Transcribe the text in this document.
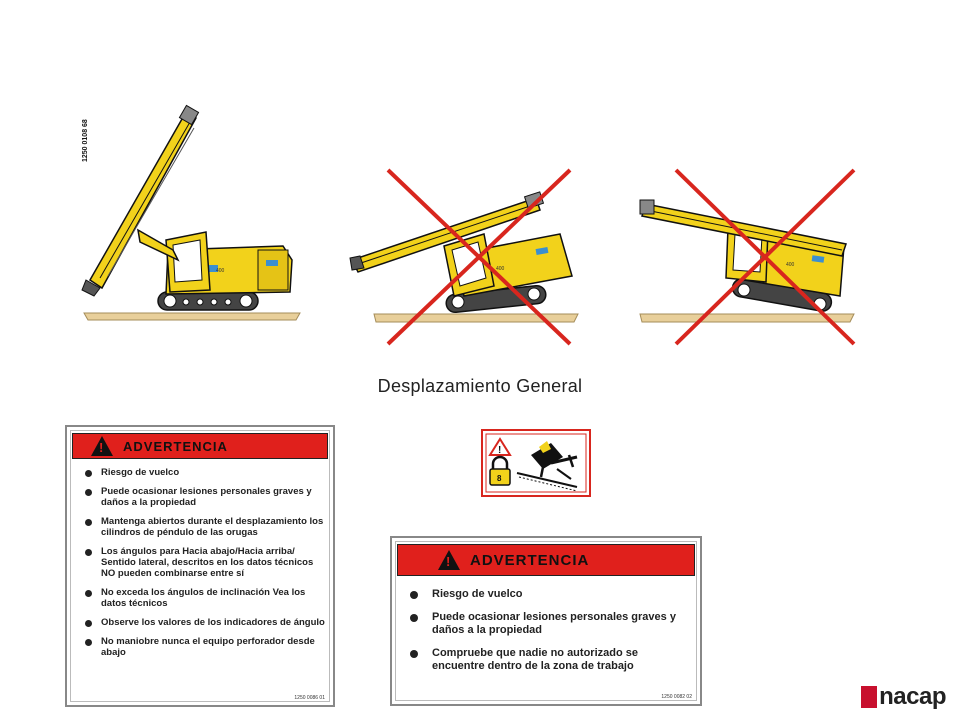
400
1250 0108 68
400
400
Desplazamiento General
! ADVERTENCIA
Riesgo de vuelco
Puede ocasionar lesiones personales graves y daños a la propiedad
Mantenga abiertos durante el desplazamiento los cilindros de péndulo de las orugas
Los ángulos para Hacia abajo/Hacia arriba/ Sentido lateral, descritos en los datos técnicos NO pueden combinarse entre sí
No exceda los ángulos de inclinación Vea los datos técnicos
Observe los valores de los indicadores de ángulo
No maniobre nunca el equipo perforador desde abajo
1250 0086 01
!
8
! ADVERTENCIA
Riesgo de vuelco
Puede ocasionar lesiones personales graves y daños a la propiedad
Compruebe que nadie no autorizado se encuentre dentro de la zona de trabajo
1250 0082 02	nacap
